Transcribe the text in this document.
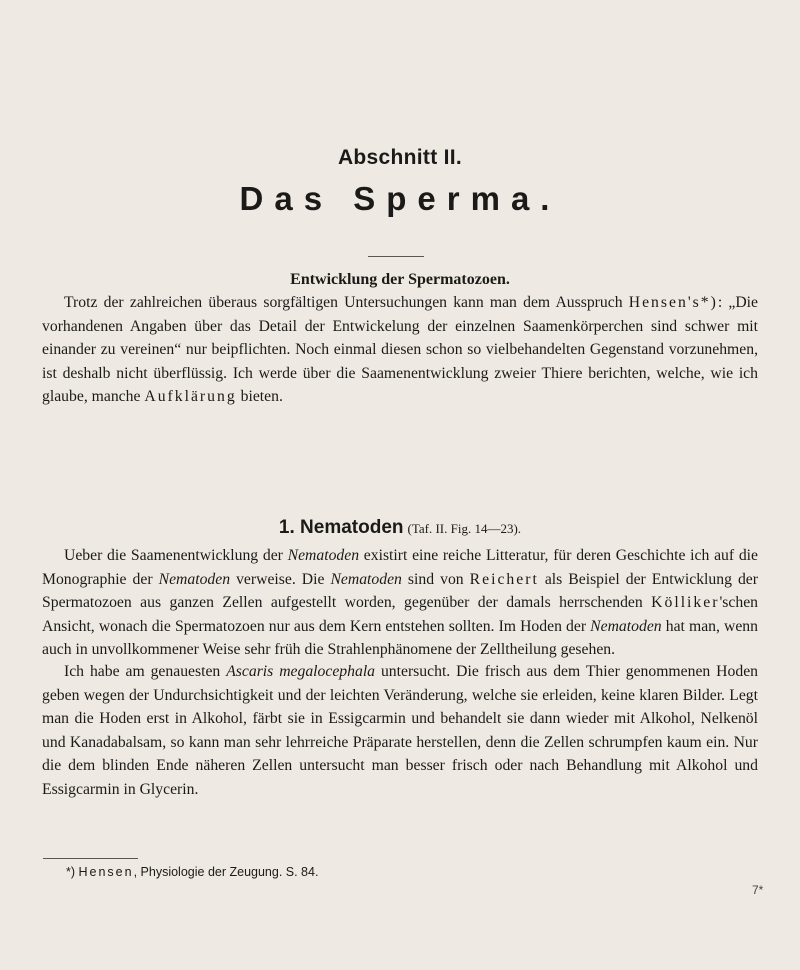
Abschnitt II.
Das Sperma.
Entwicklung der Spermatozoen.

Trotz der zahlreichen überaus sorgfältigen Untersuchungen kann man dem Ausspruch Hensen's*): „Die vorhandenen Angaben über das Detail der Entwickelung der einzelnen Saamenkörperchen sind schwer mit einander zu vereinen“ nur beipflichten. Noch einmal diesen schon so vielbehandelten Gegenstand vorzunehmen, ist deshalb nicht überflüssig. Ich werde über die Saamenentwicklung zweier Thiere berichten, welche, wie ich glaube, manche Aufklärung bieten.

1. Nematoden (Taf. II. Fig. 14—23).

Ueber die Saamenentwicklung der Nematoden existirt eine reiche Litteratur, für deren Geschichte ich auf die Monographie der Nematoden verweise. Die Nematoden sind von Reichert als Beispiel der Entwicklung der Spermatozoen aus ganzen Zellen aufgestellt worden, gegenüber der damals herrschenden Kölliker'schen Ansicht, wonach die Spermatozoen nur aus dem Kern entstehen sollten. Im Hoden der Nematoden hat man, wenn auch in unvollkommener Weise sehr früh die Strahlenphänomene der Zelltheilung gesehen.

Ich habe am genauesten Ascaris megalocephala untersucht. Die frisch aus dem Thier genommenen Hoden geben wegen der Undurchsichtigkeit und der leichten Veränderung, welche sie erleiden, keine klaren Bilder. Legt man die Hoden erst in Alkohol, färbt sie in Essigcarmin und behandelt sie dann wieder mit Alkohol, Nelkenöl und Kanadabalsam, so kann man sehr lehrreiche Präparate herstellen, denn die Zellen schrumpfen kaum ein. Nur die dem blinden Ende näheren Zellen untersucht man besser frisch oder nach Behandlung mit Alkohol und Essigcarmin in Glycerin.

*) Hensen, Physiologie der Zeugung. S. 84.
7*
